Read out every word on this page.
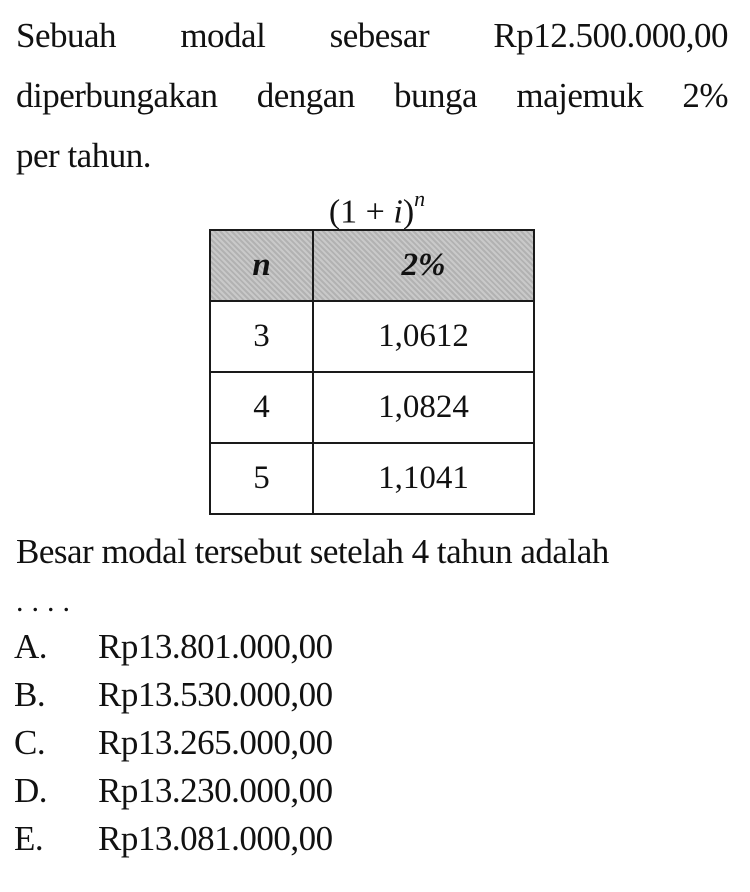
Sebuah modal sebesar Rp12.500.000,00
diperbungakan dengan bunga majemuk 2%
per tahun.
$(1 + i)^n$
n	2%
3	1,0612
4	1,0824
5	1,1041
Besar modal tersebut setelah 4 tahun adalah
....
A.	Rp13.801.000,00
B.	Rp13.530.000,00
C.	Rp13.265.000,00
D.	Rp13.230.000,00
E.	Rp13.081.000,00
